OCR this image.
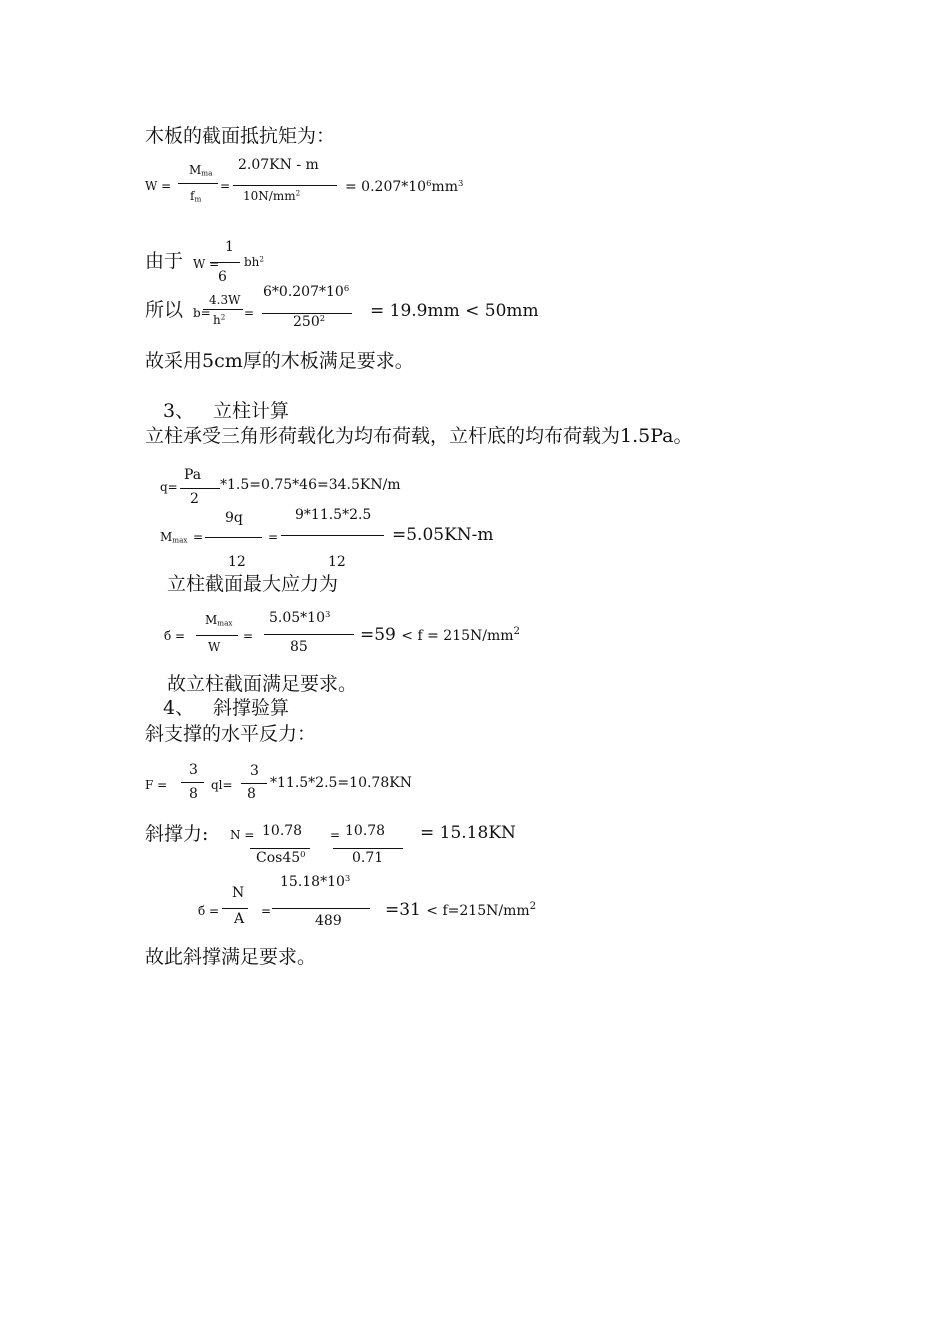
木板的截面抵抗矩为：
W =
$M_{ma}$
$f_m$
=
2.07KN - m
$10N/mm^2$	= $0.207*10^6mm^3$
由于 W =
1
6
$bh^2$
所以 b=
4.3W
$h^2$ =
$6*0.207*10^6$
$250^2$	= 19.9mm < 50mm
故采用5cm厚的木板满足要求。
3、 立柱计算
立柱承受三角形荷载化为均布荷载，立杆底的均布荷载为1.5Pa。
q=
Pa
2
*1.5=0.75*46=34.5KN/m
$M_{max}$ =
9q
12
=
9*11.5*2.5
12
=5.05KN-m
立柱截面最大应力为
б =
$M_{max}$
W
=
$5.05*10^3$
85
$=59 < f = 215N/mm^2$
故立柱截面满足要求。
4、 斜撑验算
斜支撑的水平反力：
F =
3
8
ql=
3
8
*11.5*2.5=10.78KN
斜撑力: N = 10.78
$Cos45^0$
= 10.78
0.71
= 15.18KN
б =
N
A =
$15.18*10^3$
489
$=31 < f=215N/mm^2$
故此斜撑满足要求。
